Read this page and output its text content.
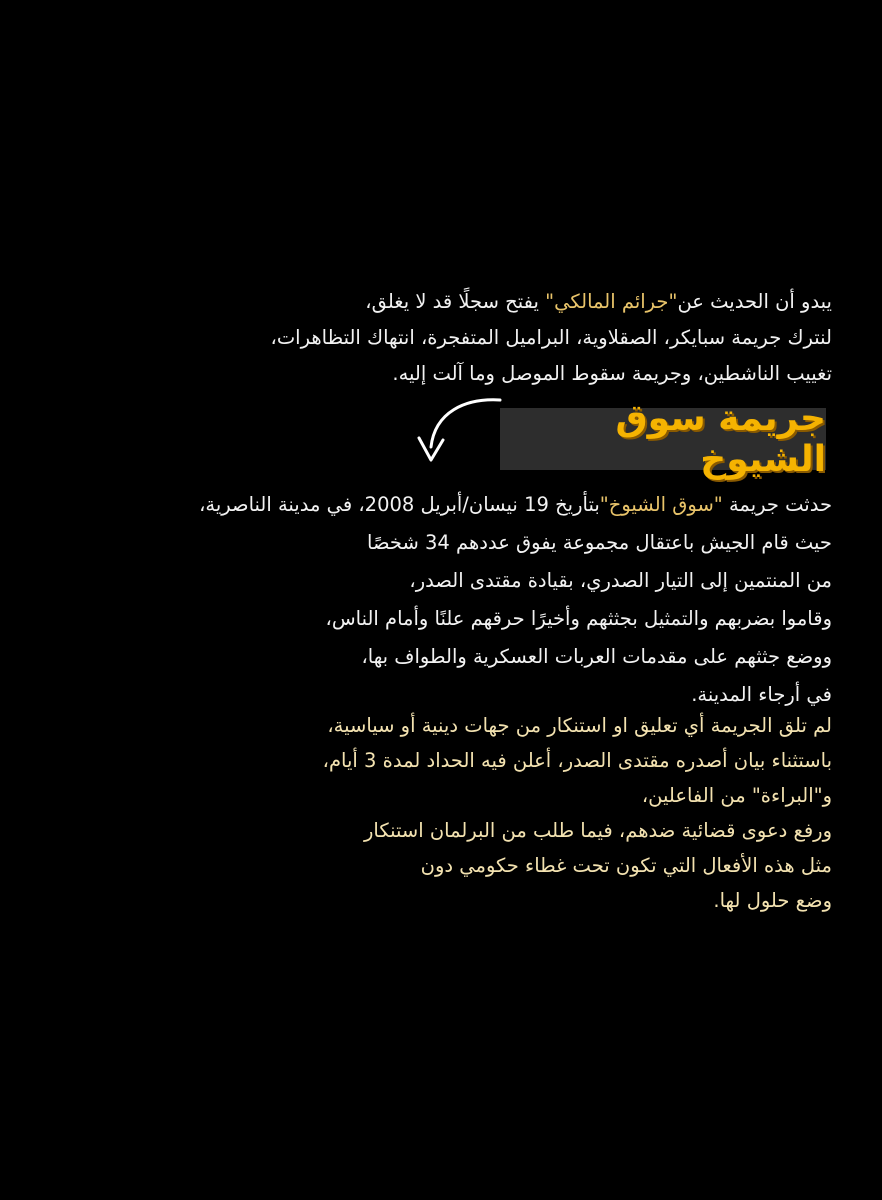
يبدو أن الحديث عن"جرائم المالكي" يفتح سجلًا قد لا يغلق،
لنترك جريمة سبايكر، الصقلاوية، البراميل المتفجرة، انتهاك التظاهرات،
تغييب الناشطين، وجريمة سقوط الموصل وما آلت إليه.
جريمة سوق الشيوخ
حدثت جريمة "سوق الشيوخ"بتأريخ 19 نيسان/أبريل 2008، في مدينة الناصرية،
حيث قام الجيش باعتقال مجموعة يفوق عددهم 34 شخصًا
من المنتمين إلى التيار الصدري، بقيادة مقتدى الصدر،
وقاموا بضربهم والتمثيل بجثثهم وأخيرًا حرقهم علنًا وأمام الناس،
ووضع جثثهم على مقدمات العربات العسكرية والطواف بها،
في أرجاء المدينة.
لم تلق الجريمة أي تعليق او استنكار من جهات دينية أو سياسية،
باستثناء بيان أصدره مقتدى الصدر، أعلن فيه الحداد لمدة 3 أيام،
و"البراءة" من الفاعلين،
ورفع دعوى قضائية ضدهم، فيما طلب من البرلمان استنكار
مثل هذه الأفعال التي تكون تحت غطاء حكومي دون
وضع حلول لها.
